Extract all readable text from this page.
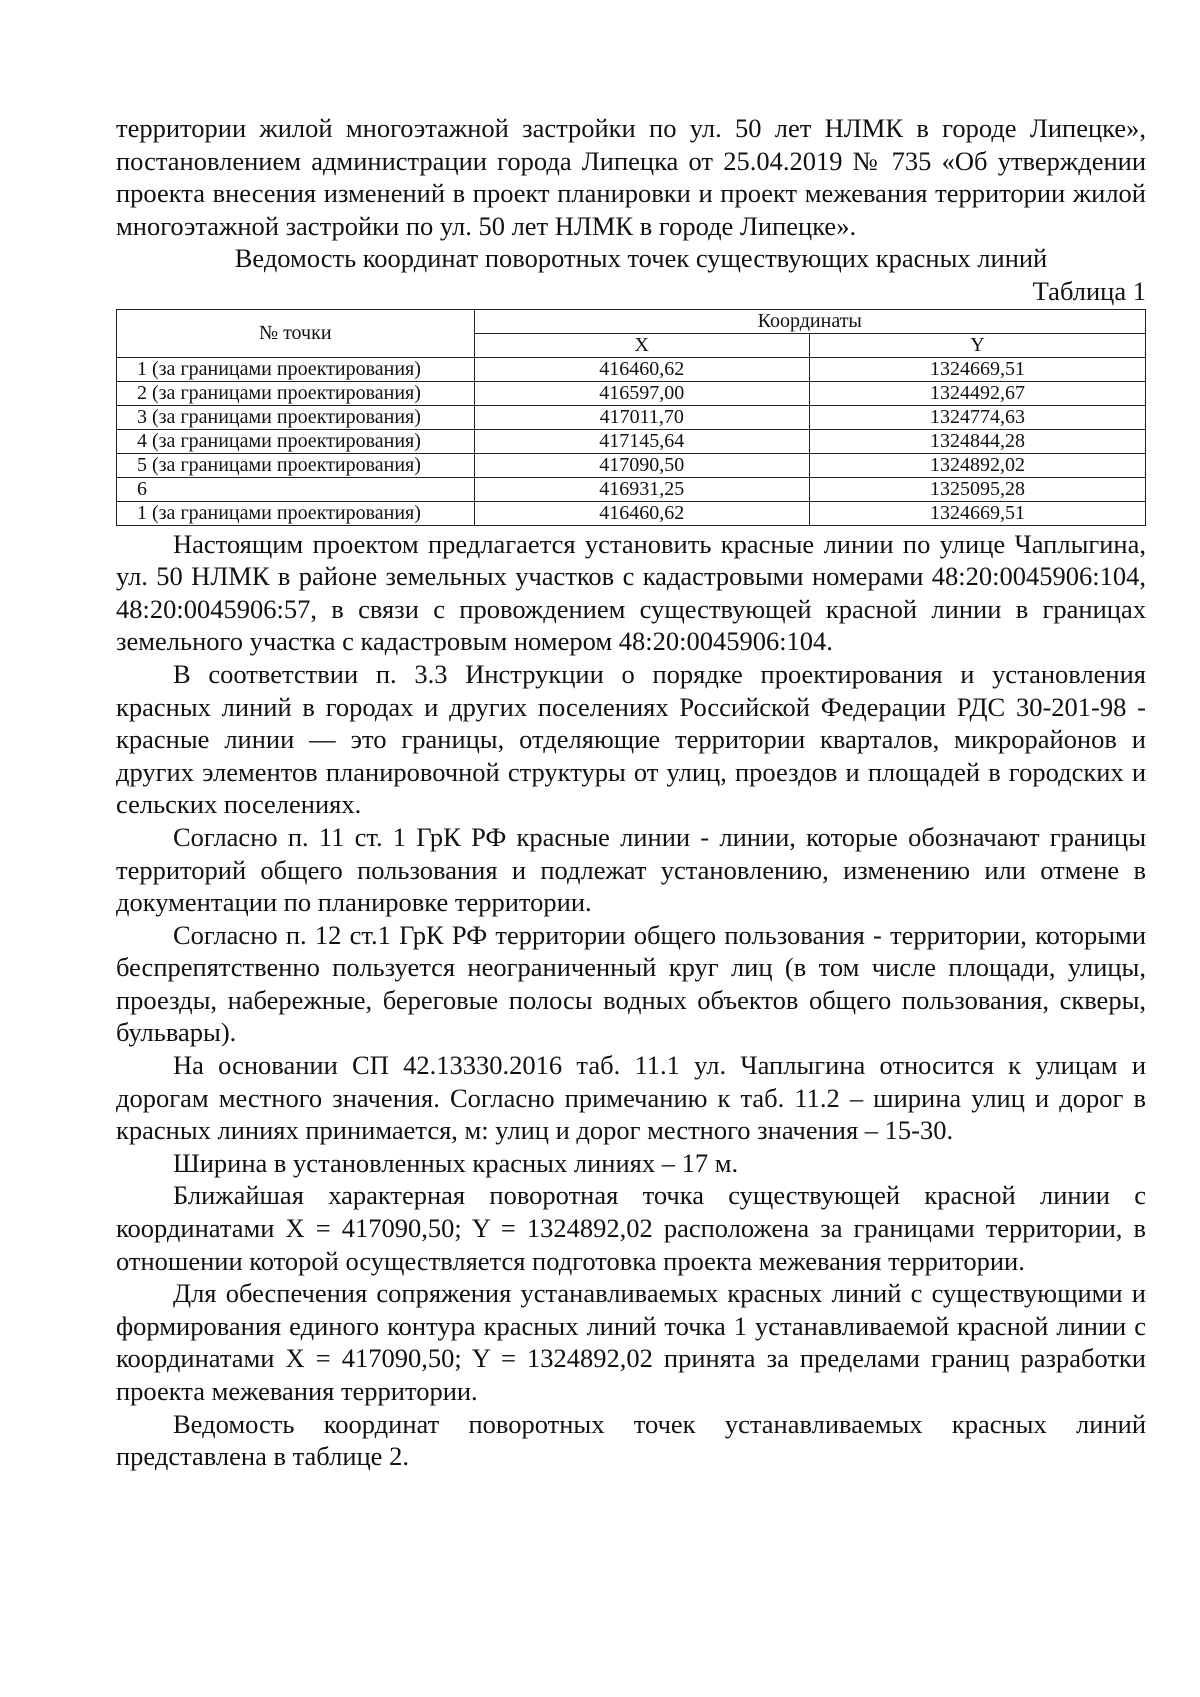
территории жилой многоэтажной застройки по ул. 50 лет НЛМК в городе Липецке», постановлением администрации города Липецка от 25.04.2019 № 735 «Об утверждении проекта внесения изменений в проект планировки и проект межевания территории жилой многоэтажной застройки по ул. 50 лет НЛМК в городе Липецке».

Ведомость координат поворотных точек существующих красных линий

Таблица 1

№ точки	Координаты	
	X	Y
1 (за границами проектирования)	416460,62	1324669,51
2 (за границами проектирования)	416597,00	1324492,67
3 (за границами проектирования)	417011,70	1324774,63
4 (за границами проектирования)	417145,64	1324844,28
5 (за границами проектирования)	417090,50	1324892,02
6	416931,25	1325095,28
1 (за границами проектирования)	416460,62	1324669,51

Настоящим проектом предлагается установить красные линии по улице Чаплыгина, ул. 50 НЛМК в районе земельных участков с кадастровыми номерами 48:20:0045906:104, 48:20:0045906:57, в связи с провождением существующей красной линии в границах земельного участка с кадастровым номером 48:20:0045906:104.

В соответствии п. 3.3 Инструкции о порядке проектирования и установления красных линий в городах и других поселениях Российской Федерации РДС 30-201-98 - красные линии — это границы, отделяющие территории кварталов, микрорайонов и других элементов планировочной структуры от улиц, проездов и площадей в городских и сельских поселениях.

Согласно п. 11 ст. 1 ГрК РФ красные линии - линии, которые обозначают границы территорий общего пользования и подлежат установлению, изменению или отмене в документации по планировке территории.

Согласно п. 12 ст.1 ГрК РФ территории общего пользования - территории, которыми беспрепятственно пользуется неограниченный круг лиц (в том числе площади, улицы, проезды, набережные, береговые полосы водных объектов общего пользования, скверы, бульвары).

На основании СП 42.13330.2016 таб. 11.1 ул. Чаплыгина относится к улицам и дорогам местного значения. Согласно примечанию к таб. 11.2 – ширина улиц и дорог в красных линиях принимается, м: улиц и дорог местного значения – 15-30.

Ширина в установленных красных линиях – 17 м.

Ближайшая характерная поворотная точка существующей красной линии с координатами X = 417090,50; Y = 1324892,02 расположена за границами территории, в отношении которой осуществляется подготовка проекта межевания территории.

Для обеспечения сопряжения устанавливаемых красных линий с существующими и формирования единого контура красных линий точка 1 устанавливаемой красной линии с координатами X = 417090,50; Y = 1324892,02 принята за пределами границ разработки проекта межевания территории.

Ведомость координат поворотных точек устанавливаемых красных линий представлена в таблице 2.
